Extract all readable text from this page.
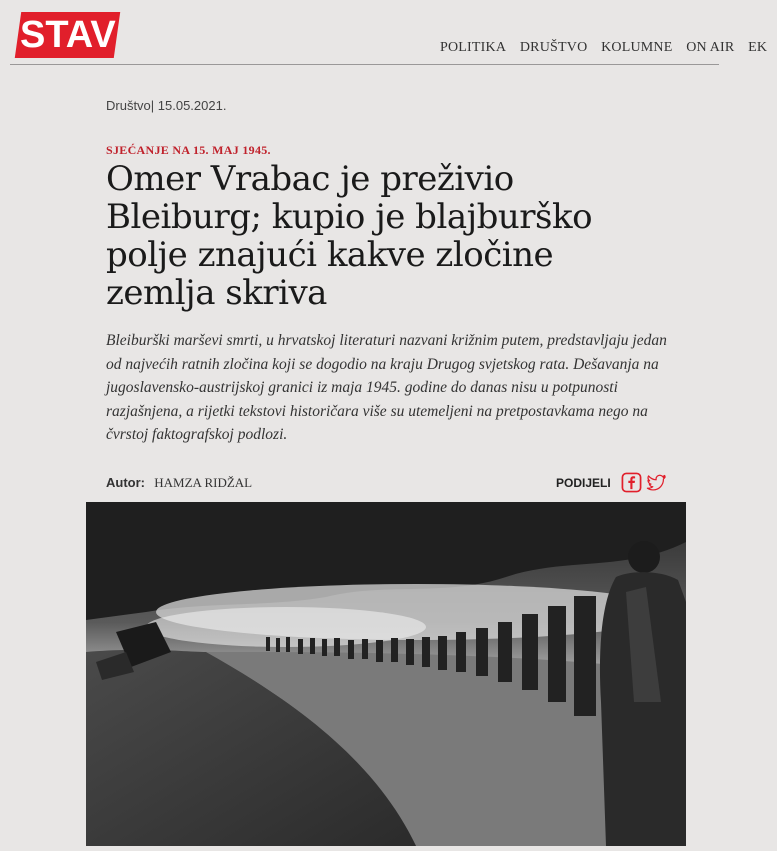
STAV	POLITIKA DRUŠTVO KOLUMNE ON AIR EK
Društvo| 15.05.2021.
SJEĆANJE NA 15. MAJ 1945.
Omer Vrabac je preživio Bleiburg; kupio je blajburško polje znajući kakve zločine zemlja skriva

Bleiburški marševi smrti, u hrvatskoj literaturi nazvani križnim putem, predstavljaju jedan od najvećih ratnih zločina koji se dogodio na kraju Drugog svjetskog rata. Dešavanja na jugoslavensko-austrijskoj granici iz maja 1945. godine do danas nisu u potpunosti razjašnjena, a rijetki tekstovi historičara više su utemeljeni na pretpostavkama nego na čvrstoj faktografskoj podlozi.

Autor: HAMZA RIDŽAL	PODIJELI
